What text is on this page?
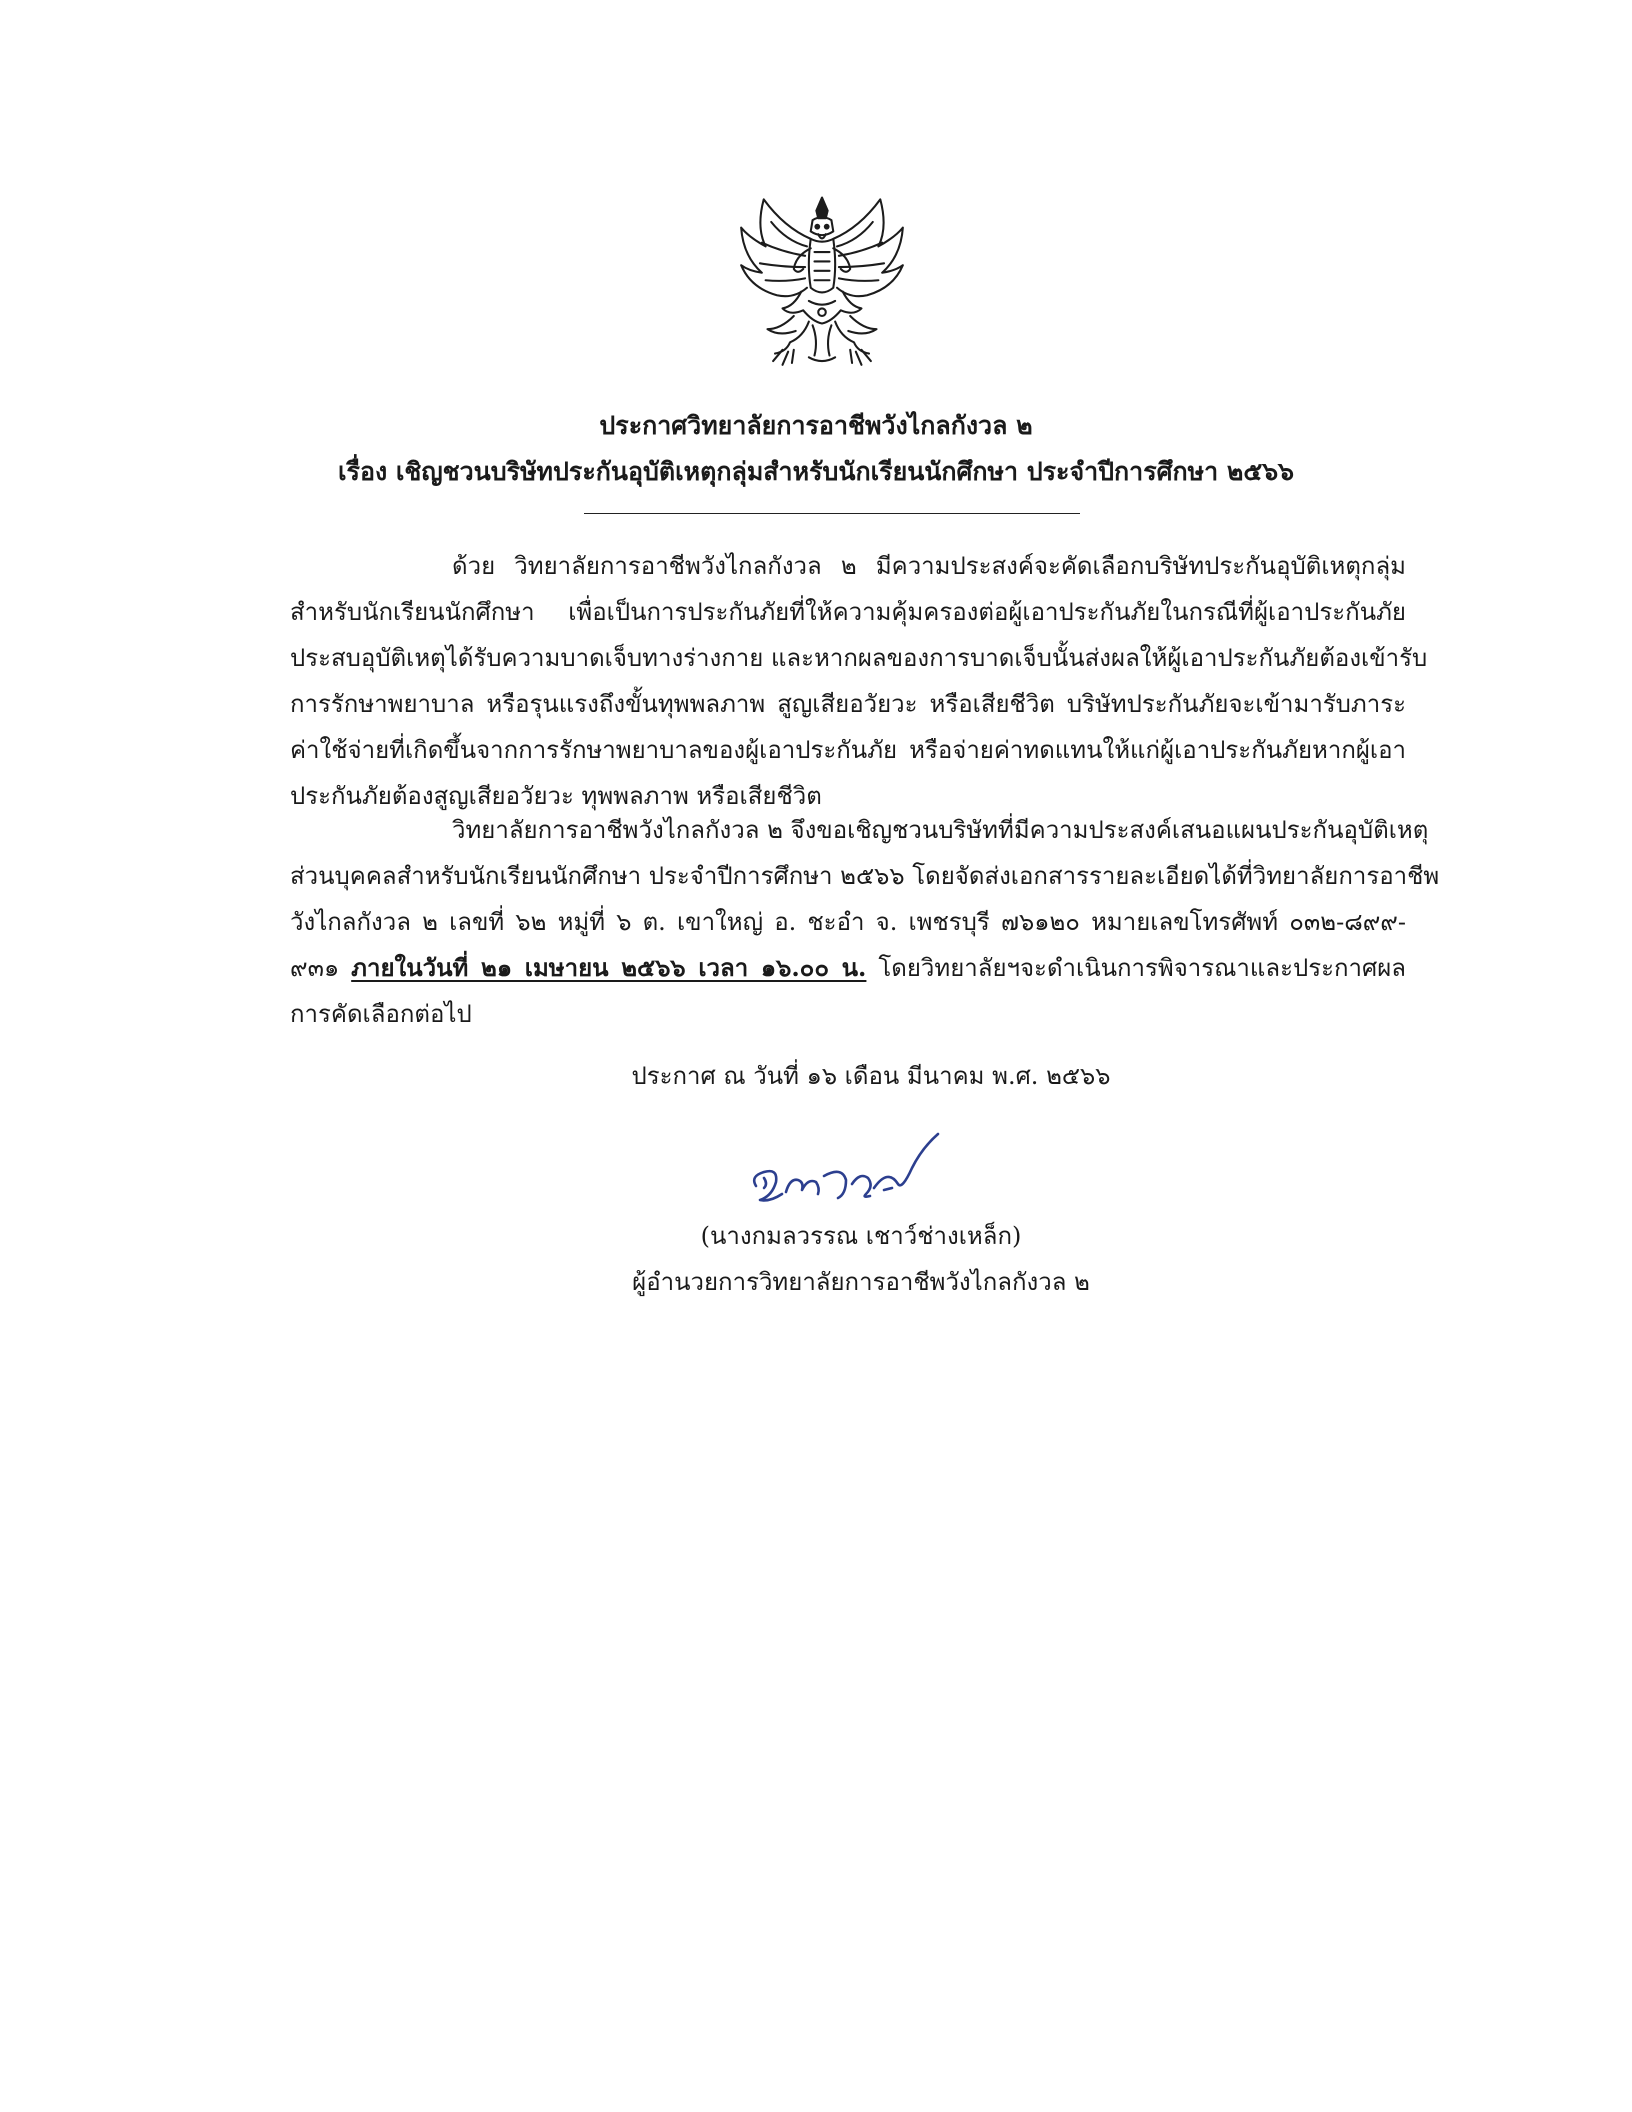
ประกาศวิทยาลัยการอาชีพวังไกลกังวล ๒
เรื่อง เชิญชวนบริษัทประกันอุบัติเหตุกลุ่มสำหรับนักเรียนนักศึกษา ประจำปีการศึกษา ๒๕๖๖
ด้วย วิทยาลัยการอาชีพวังไกลกังวล ๒ มีความประสงค์จะคัดเลือกบริษัทประกันอุบัติเหตุกลุ่ม
สำหรับนักเรียนนักศึกษา เพื่อเป็นการประกันภัยที่ให้ความคุ้มครองต่อผู้เอาประกันภัยในกรณีที่ผู้เอาประกันภัย
ประสบอุบัติเหตุได้รับความบาดเจ็บทางร่างกาย และหากผลของการบาดเจ็บนั้นส่งผลให้ผู้เอาประกันภัยต้องเข้ารับ
การรักษาพยาบาล หรือรุนแรงถึงขั้นทุพพลภาพ สูญเสียอวัยวะ หรือเสียชีวิต บริษัทประกันภัยจะเข้ามารับภาระ
ค่าใช้จ่ายที่เกิดขึ้นจากการรักษาพยาบาลของผู้เอาประกันภัย หรือจ่ายค่าทดแทนให้แก่ผู้เอาประกันภัยหากผู้เอา
ประกันภัยต้องสูญเสียอวัยวะ ทุพพลภาพ หรือเสียชีวิต
วิทยาลัยการอาชีพวังไกลกังวล ๒ จึงขอเชิญชวนบริษัทที่มีความประสงค์เสนอแผนประกันอุบัติเหตุ
ส่วนบุคคลสำหรับนักเรียนนักศึกษา ประจำปีการศึกษา ๒๕๖๖ โดยจัดส่งเอกสารรายละเอียดได้ที่วิทยาลัยการอาชีพ
วังไกลกังวล ๒ เลขที่ ๖๒ หมู่ที่ ๖ ต. เขาใหญ่ อ. ชะอำ จ. เพชรบุรี ๗๖๑๒๐ หมายเลขโทรศัพท์ ๐๓๒-๘๙๙-
๙๓๑ ภายในวันที่ ๒๑ เมษายน ๒๕๖๖ เวลา ๑๖.๐๐ น. โดยวิทยาลัยฯจะดำเนินการพิจารณาและประกาศผล
การคัดเลือกต่อไป
ประกาศ ณ วันที่ ๑๖ เดือน มีนาคม พ.ศ. ๒๕๖๖
(นางกมลวรรณ เชาว์ช่างเหล็ก)
ผู้อำนวยการวิทยาลัยการอาชีพวังไกลกังวล ๒
